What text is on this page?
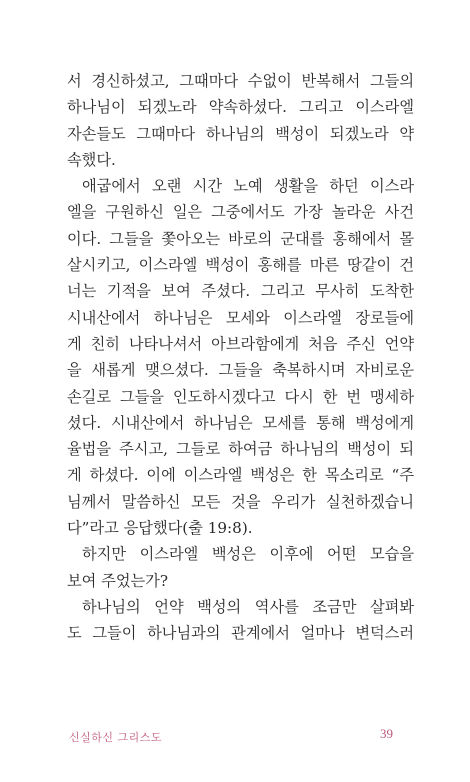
서 경신하셨고, 그때마다 수없이 반복해서 그들의
하나님이 되겠노라 약속하셨다. 그리고 이스라엘
자손들도 그때마다 하나님의 백성이 되겠노라 약
속했다.
애굽에서 오랜 시간 노예 생활을 하던 이스라
엘을 구원하신 일은 그중에서도 가장 놀라운 사건
이다. 그들을 쫓아오는 바로의 군대를 홍해에서 몰
살시키고, 이스라엘 백성이 홍해를 마른 땅같이 건
너는 기적을 보여 주셨다. 그리고 무사히 도착한
시내산에서 하나님은 모세와 이스라엘 장로들에
게 친히 나타나셔서 아브라함에게 처음 주신 언약
을 새롭게 맺으셨다. 그들을 축복하시며 자비로운
손길로 그들을 인도하시겠다고 다시 한 번 맹세하
셨다. 시내산에서 하나님은 모세를 통해 백성에게
율법을 주시고, 그들로 하여금 하나님의 백성이 되
게 하셨다. 이에 이스라엘 백성은 한 목소리로 “주
님께서 말씀하신 모든 것을 우리가 실천하겠습니
다”라고 응답했다(출 19:8).
하지만 이스라엘 백성은 이후에 어떤 모습을
보여 주었는가?
하나님의 언약 백성의 역사를 조금만 살펴봐
도 그들이 하나님과의 관계에서 얼마나 변덕스러
신실하신 그리스도	39
